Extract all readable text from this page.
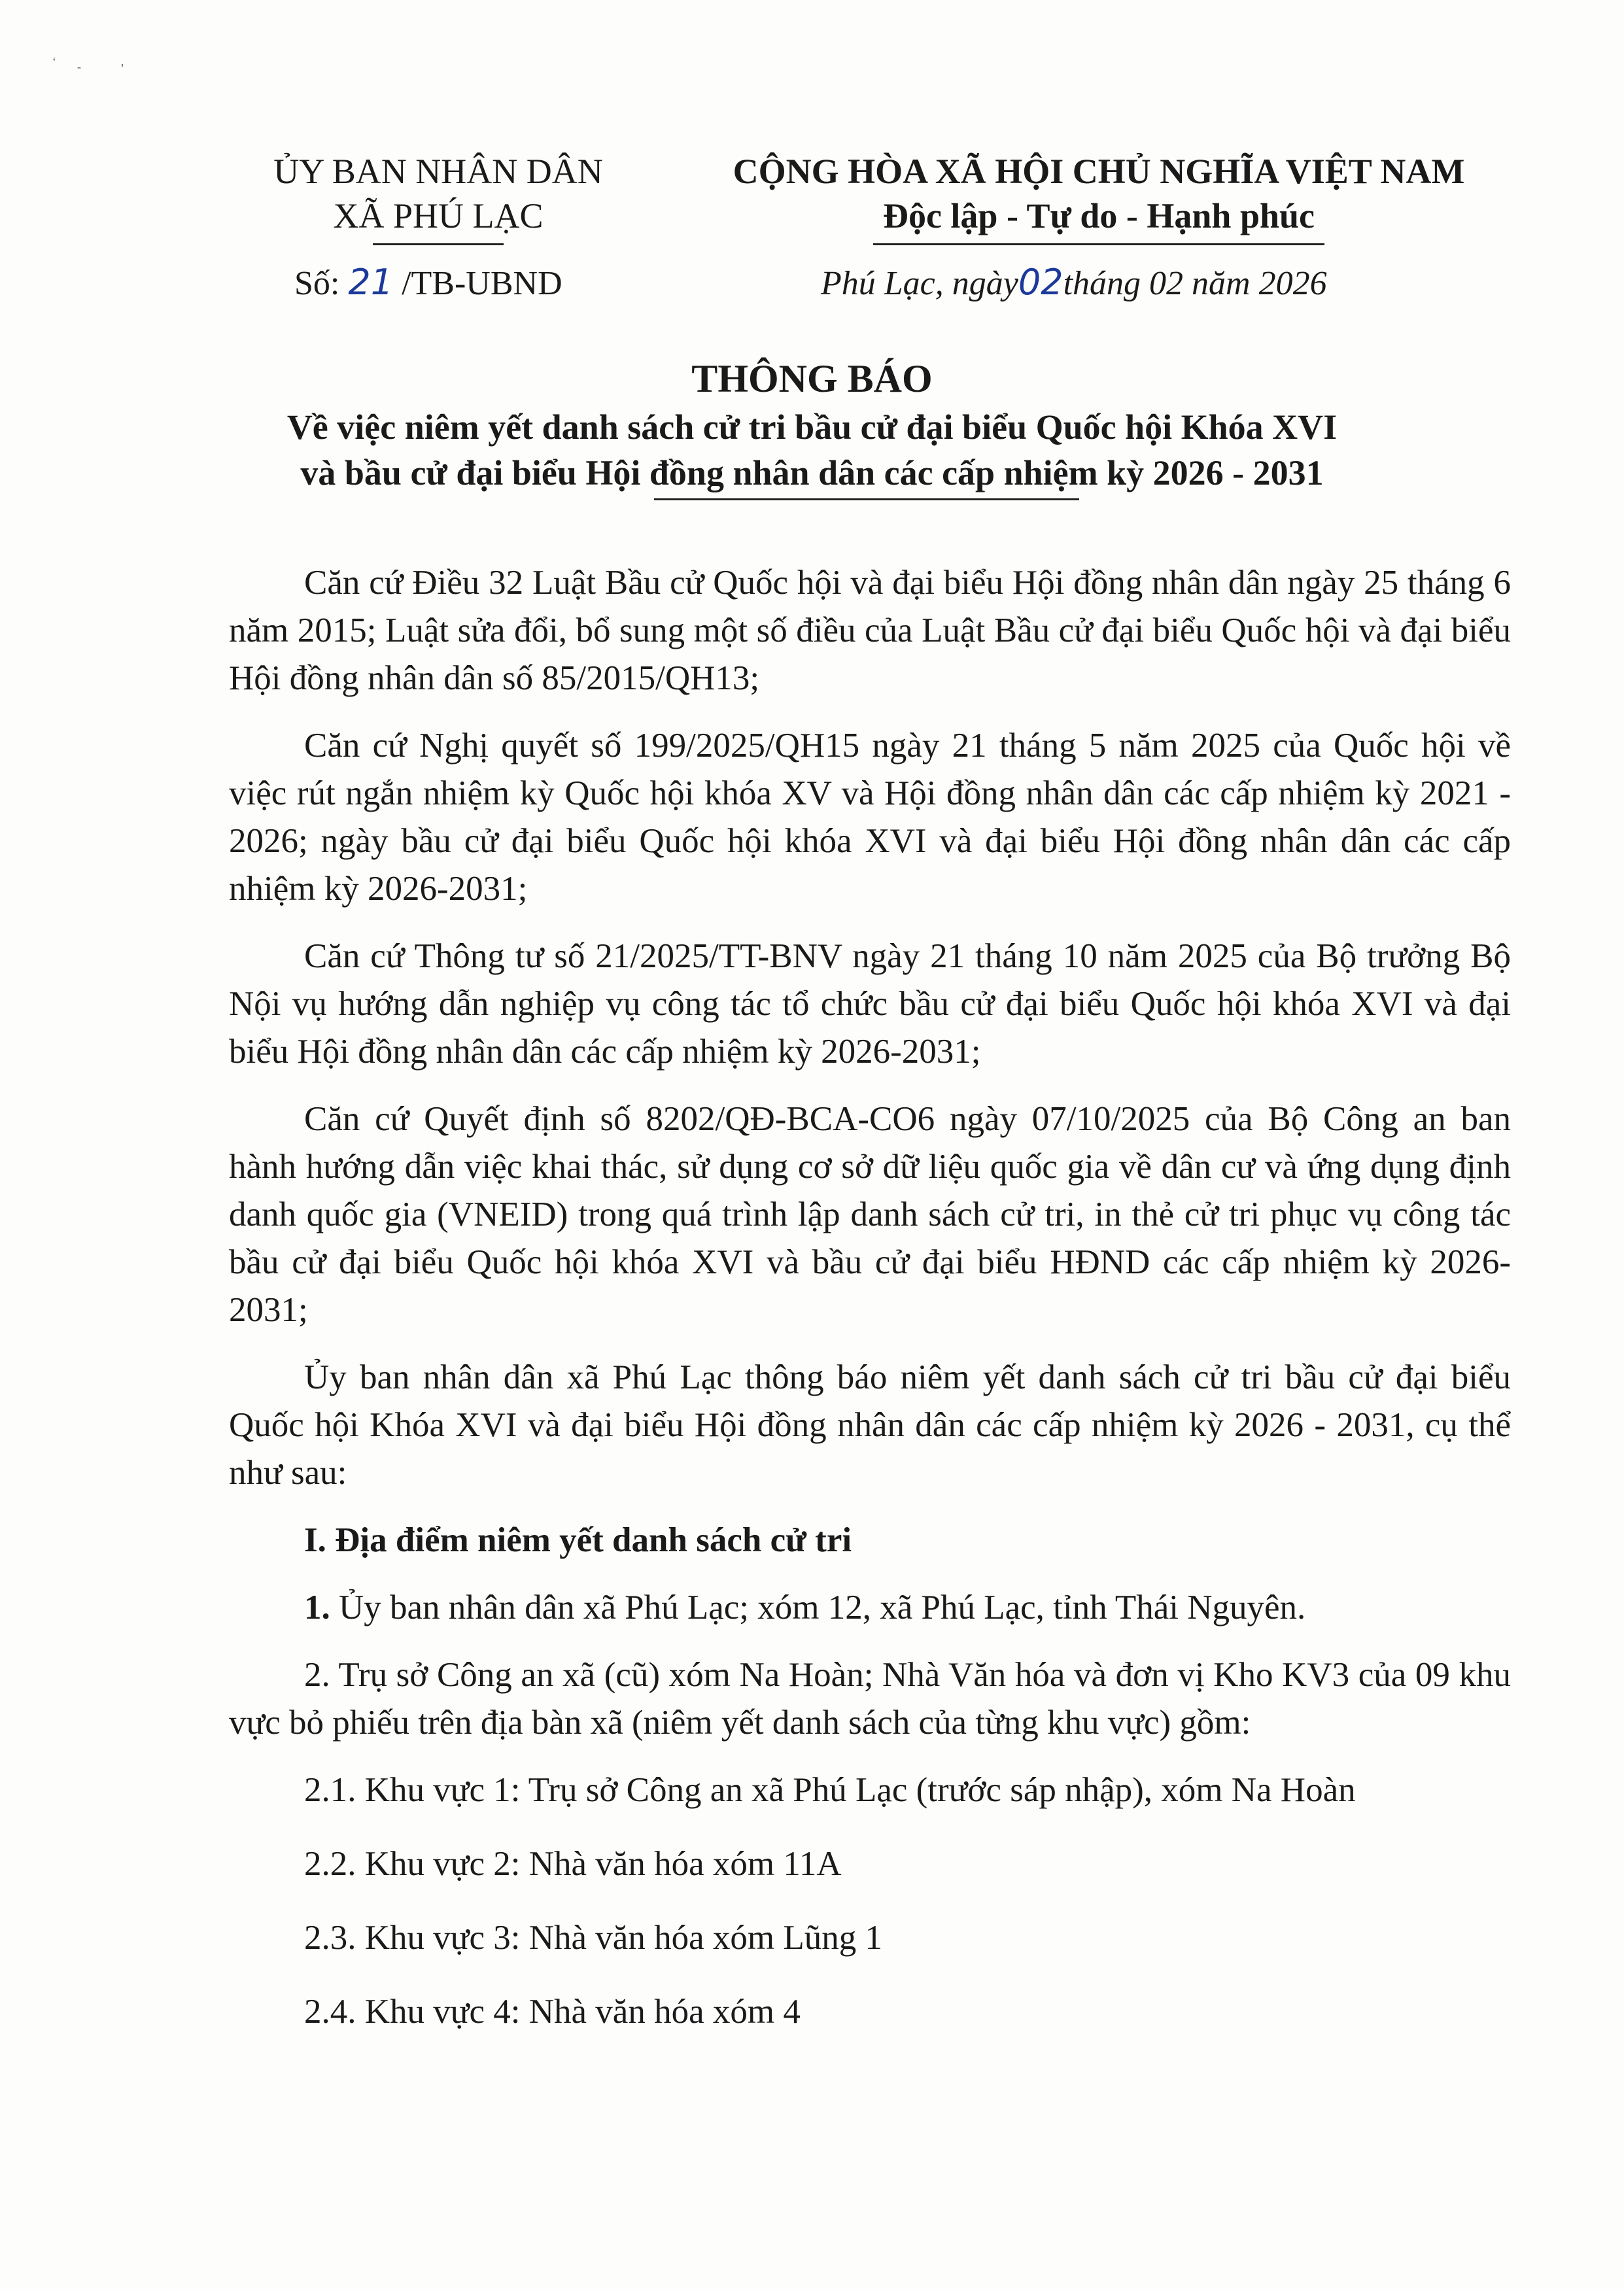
‘ -	’
ỦY BAN NHÂN DÂN
XÃ PHÚ LẠC
CỘNG HÒA XÃ HỘI CHỦ NGHĨA VIỆT NAM
Độc lập - Tự do - Hạnh phúc
Số: 21 /TB-UBND	Phú Lạc, ngày02tháng 02 năm 2026
THÔNG BÁO
Về việc niêm yết danh sách cử tri bầu cử đại biểu Quốc hội Khóa XVI
và bầu cử đại biểu Hội đồng nhân dân các cấp nhiệm kỳ 2026 - 2031

Căn cứ Điều 32 Luật Bầu cử Quốc hội và đại biểu Hội đồng nhân dân ngày 25 tháng 6 năm 2015; Luật sửa đổi, bổ sung một số điều của Luật Bầu cử đại biểu Quốc hội và đại biểu Hội đồng nhân dân số 85/2015/QH13;

Căn cứ Nghị quyết số 199/2025/QH15 ngày 21 tháng 5 năm 2025 của Quốc hội về việc rút ngắn nhiệm kỳ Quốc hội khóa XV và Hội đồng nhân dân các cấp nhiệm kỳ 2021 - 2026; ngày bầu cử đại biểu Quốc hội khóa XVI và đại biểu Hội đồng nhân dân các cấp nhiệm kỳ 2026-2031;

Căn cứ Thông tư số 21/2025/TT-BNV ngày 21 tháng 10 năm 2025 của Bộ trưởng Bộ Nội vụ hướng dẫn nghiệp vụ công tác tổ chức bầu cử đại biểu Quốc hội khóa XVI và đại biểu Hội đồng nhân dân các cấp nhiệm kỳ 2026-2031;

Căn cứ Quyết định số 8202/QĐ-BCA-CO6 ngày 07/10/2025 của Bộ Công an ban hành hướng dẫn việc khai thác, sử dụng cơ sở dữ liệu quốc gia về dân cư và ứng dụng định danh quốc gia (VNEID) trong quá trình lập danh sách cử tri, in thẻ cử tri phục vụ công tác bầu cử đại biểu Quốc hội khóa XVI và bầu cử đại biểu HĐND các cấp nhiệm kỳ 2026-2031;

Ủy ban nhân dân xã Phú Lạc thông báo niêm yết danh sách cử tri bầu cử đại biểu Quốc hội Khóa XVI và đại biểu Hội đồng nhân dân các cấp nhiệm kỳ 2026 - 2031, cụ thể như sau:

I. Địa điểm niêm yết danh sách cử tri

1. Ủy ban nhân dân xã Phú Lạc; xóm 12, xã Phú Lạc, tỉnh Thái Nguyên.

2. Trụ sở Công an xã (cũ) xóm Na Hoàn; Nhà Văn hóa và đơn vị Kho KV3 của 09 khu vực bỏ phiếu trên địa bàn xã (niêm yết danh sách của từng khu vực) gồm:

2.1. Khu vực 1: Trụ sở Công an xã Phú Lạc (trước sáp nhập), xóm Na Hoàn

2.2. Khu vực 2: Nhà văn hóa xóm 11A

2.3. Khu vực 3: Nhà văn hóa xóm Lũng 1

2.4. Khu vực 4: Nhà văn hóa xóm 4
